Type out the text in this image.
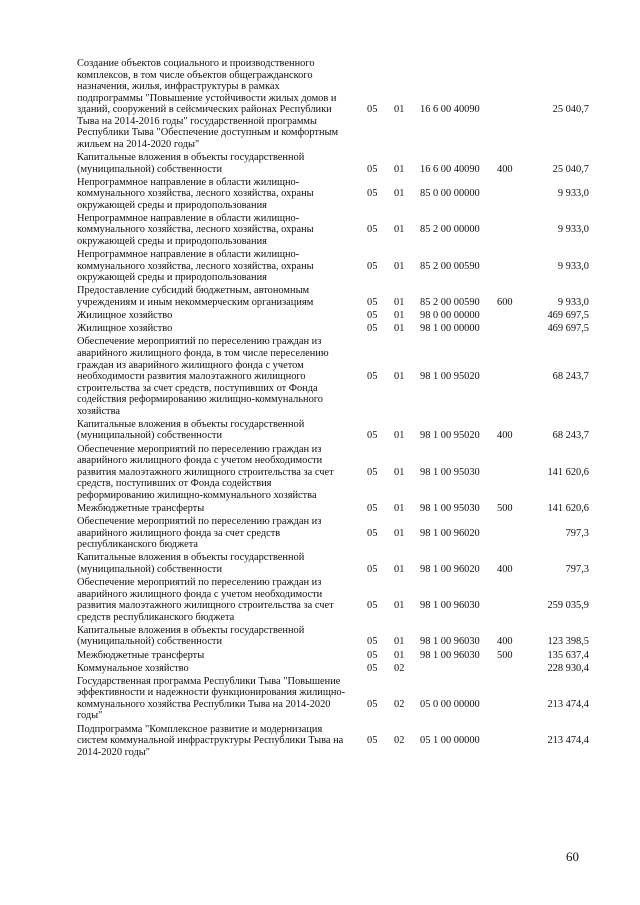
Создание объектов социального и производственного
комплексов, в том числе объектов общегражданского
назначения, жилья, инфраструктуры в рамках
подпрограммы "Повышение устойчивости жилых домов и
зданий, сооружений в сейсмических районах Республики
Тыва на 2014-2016 годы" государственной программы
Республики Тыва "Обеспечение доступным и комфортным
жильем на 2014-2020 годы"
05 01 16 6 00 40090	25 040,7
Капитальные вложения в объекты государственной
(муниципальной) собственности	05 01 16 6 00 40090 400	25 040,7
Непрограммное направление в области жилищно-
коммунального хозяйства, лесного хозяйства, охраны
окружающей среды и природопользования
05 01 85 0 00 00000	9 933,0
Непрограммное направление в области жилищно-
коммунального хозяйства, лесного хозяйства, охраны
окружающей среды и природопользования
05 01 85 2 00 00000	9 933,0
Непрограммное направление в области жилищно-
коммунального хозяйства, лесного хозяйства, охраны
окружающей среды и природопользования
05 01 85 2 00 00590	9 933,0
Предоставление субсидий бюджетным, автономным
учреждениям и иным некоммерческим организациям	05 01 85 2 00 00590 600	9 933,0
Жилищное хозяйство	05 01 98 0 00 00000	469 697,5
Жилищное хозяйство	05 01 98 1 00 00000	469 697,5
Обеспечение мероприятий по переселению граждан из
аварийного жилищного фонда, в том числе переселению
граждан из аварийного жилищного фонда с учетом
необходимости развития малоэтажного жилищного
строительства за счет средств, поступивших от Фонда
содействия реформированию жилищно-коммунального
хозяйства
05 01 98 1 00 95020	68 243,7
Капитальные вложения в объекты государственной
(муниципальной) собственности	05 01 98 1 00 95020 400	68 243,7
Обеспечение мероприятий по переселению граждан из
аварийного жилищного фонда с учетом необходимости
развития малоэтажного жилищного строительства за счет
средств, поступивших от Фонда содействия
реформированию жилищно-коммунального хозяйства
05 01 98 1 00 95030	141 620,6
Межбюджетные трансферты	05 01 98 1 00 95030 500	141 620,6
Обеспечение мероприятий по переселению граждан из
аварийного жилищного фонда за счет средств
республиканского бюджета
05 01 98 1 00 96020	797,3
Капитальные вложения в объекты государственной
(муниципальной) собственности	05 01 98 1 00 96020 400	797,3
Обеспечение мероприятий по переселению граждан из
аварийного жилищного фонда с учетом необходимости
развития малоэтажного жилищного строительства за счет
средств республиканского бюджета
05 01 98 1 00 96030	259 035,9
Капитальные вложения в объекты государственной
(муниципальной) собственности	05 01 98 1 00 96030 400	123 398,5
Межбюджетные трансферты	05 01 98 1 00 96030 500	135 637,4
Коммунальное хозяйство	05 02	228 930,4
Государственная программа Республики Тыва "Повышение
эффективности и надежности функционирования жилищно-
коммунального хозяйства Республики Тыва на 2014-2020
годы"
05 02 05 0 00 00000	213 474,4
Подпрограмма "Комплексное развитие и модернизация
систем коммунальной инфраструктуры Республики Тыва на
2014-2020 годы"
05 02 05 1 00 00000	213 474,4
60
